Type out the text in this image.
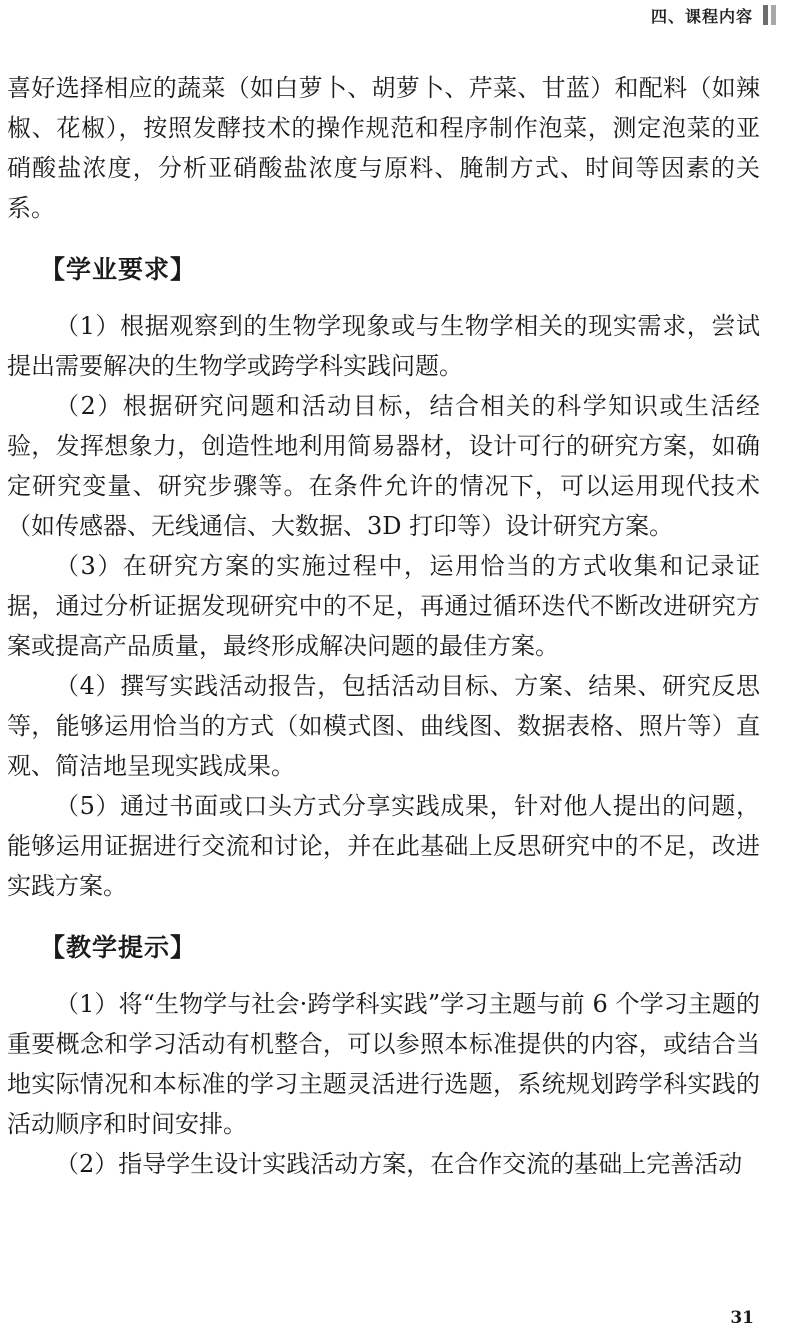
四、课程内容

喜好选择相应的蔬菜（如白萝卜、胡萝卜、芹菜、甘蓝）和配料（如辣椒、花椒），按照发酵技术的操作规范和程序制作泡菜，测定泡菜的亚硝酸盐浓度，分析亚硝酸盐浓度与原料、腌制方式、时间等因素的关系。

【学业要求】

（1）根据观察到的生物学现象或与生物学相关的现实需求，尝试提出需要解决的生物学或跨学科实践问题。

（2）根据研究问题和活动目标，结合相关的科学知识或生活经验，发挥想象力，创造性地利用简易器材，设计可行的研究方案，如确定研究变量、研究步骤等。在条件允许的情况下，可以运用现代技术（如传感器、无线通信、大数据、3D 打印等）设计研究方案。

（3）在研究方案的实施过程中，运用恰当的方式收集和记录证据，通过分析证据发现研究中的不足，再通过循环迭代不断改进研究方案或提高产品质量，最终形成解决问题的最佳方案。

（4）撰写实践活动报告，包括活动目标、方案、结果、研究反思等，能够运用恰当的方式（如模式图、曲线图、数据表格、照片等）直观、简洁地呈现实践成果。

（5）通过书面或口头方式分享实践成果，针对他人提出的问题，能够运用证据进行交流和讨论，并在此基础上反思研究中的不足，改进实践方案。

【教学提示】

（1）将“生物学与社会·跨学科实践”学习主题与前 6 个学习主题的重要概念和学习活动有机整合，可以参照本标准提供的内容，或结合当地实际情况和本标准的学习主题灵活进行选题，系统规划跨学科实践的活动顺序和时间安排。

（2）指导学生设计实践活动方案，在合作交流的基础上完善活动

31
